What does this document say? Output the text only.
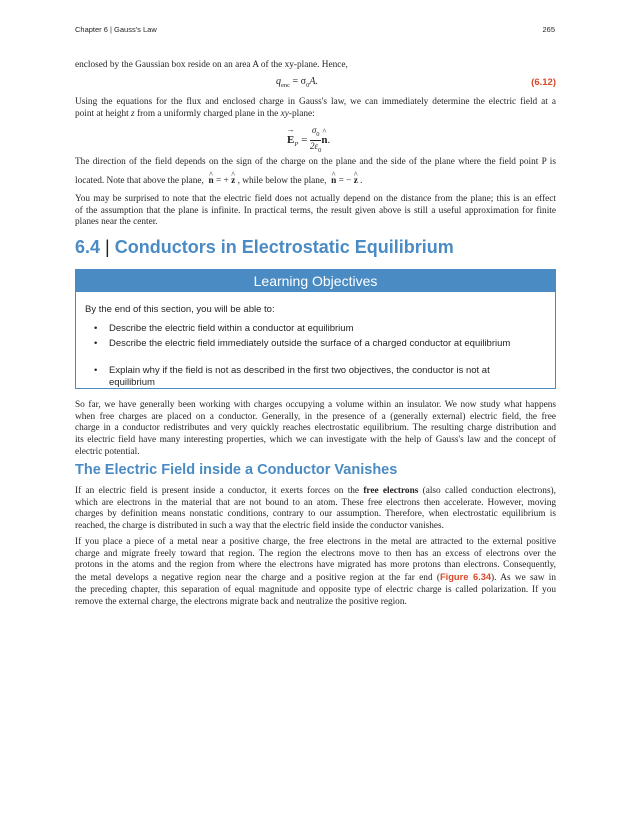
Chapter 6 | Gauss's Law	265
enclosed by the Gaussian box reside on an area A of the xy-plane. Hence,
$q_{enc} = \sigma_0A$.	(6.12)
Using the equations for the flux and enclosed charge in Gauss's law, we can immediately determine the electric field at a
point at height z from a uniformly charged plane in the xy-plane:
→ $E_P = \frac{\sigma_0}{2\varepsilon_0}$ ^ n.
The direction of the field depends on the sign of the charge on the plane and the side of the plane where the field point P is
located. Note that above the plane, ^ n = + ^ z , while below the plane, ^ n = − ^ z .
You may be surprised to note that the electric field does not actually depend on the distance from the plane; this is an effect
of the assumption that the plane is infinite. In practical terms, the result given above is still a useful approximation for finite
planes near the center.
6.4 | Conductors in Electrostatic Equilibrium
Learning Objectives
By the end of this section, you will be able to:
• Describe the electric field within a conductor at equilibrium
• Describe the electric field immediately outside the surface of a charged conductor at equilibrium
• Explain why if the field is not as described in the first two objectives, the conductor is not at equilibrium
So far, we have generally been working with charges occupying a volume within an insulator. We now study what happens
when free charges are placed on a conductor. Generally, in the presence of a (generally external) electric field, the free
charge in a conductor redistributes and very quickly reaches electrostatic equilibrium. The resulting charge distribution and
its electric field have many interesting properties, which we can investigate with the help of Gauss's law and the concept of
electric potential.
The Electric Field inside a Conductor Vanishes
If an electric field is present inside a conductor, it exerts forces on the free electrons (also called conduction electrons),
which are electrons in the material that are not bound to an atom. These free electrons then accelerate. However, moving
charges by definition means nonstatic conditions, contrary to our assumption. Therefore, when electrostatic equilibrium is
reached, the charge is distributed in such a way that the electric field inside the conductor vanishes.
If you place a piece of a metal near a positive charge, the free electrons in the metal are attracted to the external positive
charge and migrate freely toward that region. The region the electrons move to then has an excess of electrons over the
protons in the atoms and the region from where the electrons have migrated has more protons than electrons. Consequently,
the metal develops a negative region near the charge and a positive region at the far end (Figure 6.34). As we saw in
the preceding chapter, this separation of equal magnitude and opposite type of electric charge is called polarization. If you
remove the external charge, the electrons migrate back and neutralize the positive region.
